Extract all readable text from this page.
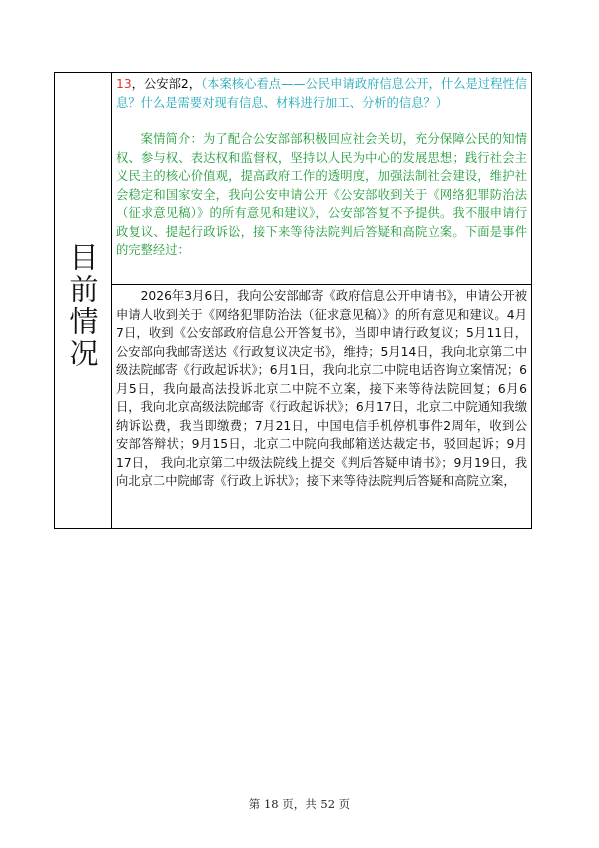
目前情况

13，公安部2，（本案核心看点——公民申请政府信息公开，什么是过程性信息？什么是需要对现有信息、材料进行加工、分析的信息？）

案情简介：为了配合公安部部积极回应社会关切，充分保障公民的知情权、参与权、表达权和监督权，坚持以人民为中心的发展思想；践行社会主义民主的核心价值观，提高政府工作的透明度，加强法制社会建设，维护社会稳定和国家安全，我向公安申请公开《公安部收到关于《网络犯罪防治法（征求意见稿）》的所有意见和建议》，公安部答复不予提供。我不服申请行政复议、提起行政诉讼，接下来等待法院判后答疑和高院立案。下面是事件的完整经过：

2026年3月6日，我向公安部邮寄《政府信息公开申请书》，申请公开被申请人收到关于《网络犯罪防治法（征求意见稿）》的所有意见和建议。4月7日，收到《公安部政府信息公开答复书》，当即申请行政复议；5月11日，公安部向我邮寄送达《行政复议决定书》，维持；5月14日，我向北京第二中级法院邮寄《行政起诉状》；6月1日，我向北京二中院电话咨询立案情况；6月5日，我向最高法投诉北京二中院不立案，接下来等待法院回复；6月6日，我向北京高级法院邮寄《行政起诉状》；6月17日，北京二中院通知我缴纳诉讼费，我当即缴费；7月21日，中国电信手机停机事件2周年，收到公安部答辩状；9月15日，北京二中院向我邮箱送达裁定书，驳回起诉；9月17日， 我向北京第二中级法院线上提交《判后答疑申请书》；9月19日，我向北京二中院邮寄《行政上诉状》；接下来等待法院判后答疑和高院立案，

第 18 页，共 52 页
